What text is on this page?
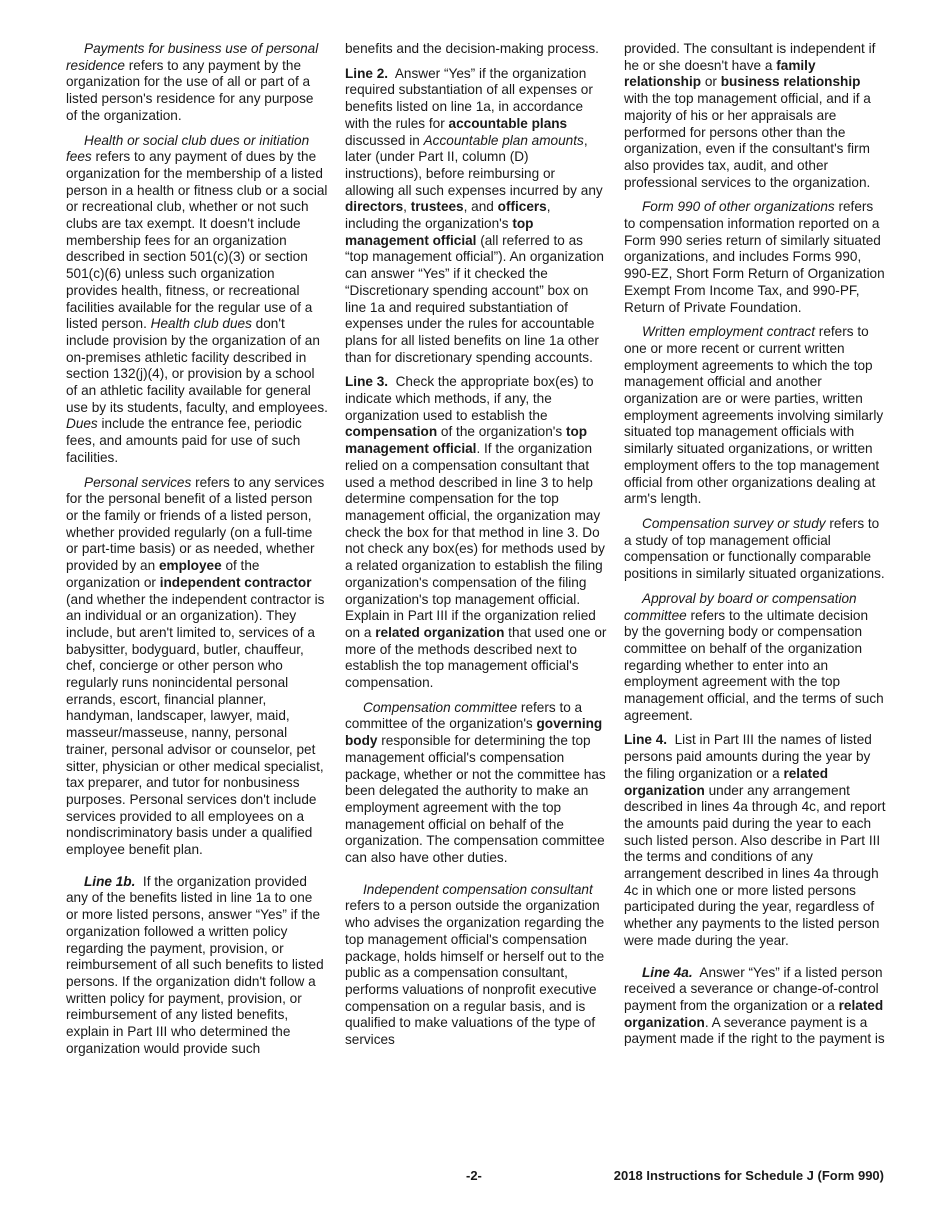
Payments for business use of personal residence refers to any payment by the organization for the use of all or part of a listed person's residence for any purpose of the organization.

Health or social club dues or initiation fees refers to any payment of dues by the organization for the membership of a listed person in a health or fitness club or a social or recreational club, whether or not such clubs are tax exempt. It doesn't include membership fees for an organization described in section 501(c)(3) or section 501(c)(6) unless such organization provides health, fitness, or recreational facilities available for the regular use of a listed person. Health club dues don't include provision by the organization of an on-premises athletic facility described in section 132(j)(4), or provision by a school of an athletic facility available for general use by its students, faculty, and employees. Dues include the entrance fee, periodic fees, and amounts paid for use of such facilities.

Personal services refers to any services for the personal benefit of a listed person or the family or friends of a listed person, whether provided regularly (on a full-time or part-time basis) or as needed, whether provided by an employee of the organization or independent contractor (and whether the independent contractor is an individual or an organization). They include, but aren't limited to, services of a babysitter, bodyguard, butler, chauffeur, chef, concierge or other person who regularly runs nonincidental personal errands, escort, financial planner, handyman, landscaper, lawyer, maid, masseur/masseuse, nanny, personal trainer, personal advisor or counselor, pet sitter, physician or other medical specialist, tax preparer, and tutor for nonbusiness purposes. Personal services don't include services provided to all employees on a nondiscriminatory basis under a qualified employee benefit plan.

Line 1b.  If the organization provided any of the benefits listed in line 1a to one or more listed persons, answer “Yes” if the organization followed a written policy regarding the payment, provision, or reimbursement of all such benefits to listed persons. If the organization didn't follow a written policy for payment, provision, or reimbursement of any listed benefits, explain in Part III who determined the organization would provide such

benefits and the decision-making process.

Line 2.  Answer “Yes” if the organization required substantiation of all expenses or benefits listed on line 1a, in accordance with the rules for accountable plans discussed in Accountable plan amounts, later (under Part II, column (D) instructions), before reimbursing or allowing all such expenses incurred by any directors, trustees, and officers, including the organization's top management official (all referred to as “top management official”). An organization can answer “Yes” if it checked the “Discretionary spending account” box on line 1a and required substantiation of expenses under the rules for accountable plans for all listed benefits on line 1a other than for discretionary spending accounts.

Line 3.  Check the appropriate box(es) to indicate which methods, if any, the organization used to establish the compensation of the organization's top management official. If the organization relied on a compensation consultant that used a method described in line 3 to help determine compensation for the top management official, the organization may check the box for that method in line 3. Do not check any box(es) for methods used by a related organization to establish the filing organization's compensation of the filing organization's top management official. Explain in Part III if the organization relied on a related organization that used one or more of the methods described next to establish the top management official's compensation.

Compensation committee refers to a committee of the organization's governing body responsible for determining the top management official's compensation package, whether or not the committee has been delegated the authority to make an employment agreement with the top management official on behalf of the organization. The compensation committee can also have other duties.

Independent compensation consultant refers to a person outside the organization who advises the organization regarding the top management official's compensation package, holds himself or herself out to the public as a compensation consultant, performs valuations of nonprofit executive compensation on a regular basis, and is qualified to make valuations of the type of services

provided. The consultant is independent if he or she doesn't have a family relationship or business relationship with the top management official, and if a majority of his or her appraisals are performed for persons other than the organization, even if the consultant's firm also provides tax, audit, and other professional services to the organization.

Form 990 of other organizations refers to compensation information reported on a Form 990 series return of similarly situated organizations, and includes Forms 990, 990-EZ, Short Form Return of Organization Exempt From Income Tax, and 990-PF, Return of Private Foundation.

Written employment contract refers to one or more recent or current written employment agreements to which the top management official and another organization are or were parties, written employment agreements involving similarly situated top management officials with similarly situated organizations, or written employment offers to the top management official from other organizations dealing at arm's length.

Compensation survey or study refers to a study of top management official compensation or functionally comparable positions in similarly situated organizations.

Approval by board or compensation committee refers to the ultimate decision by the governing body or compensation committee on behalf of the organization regarding whether to enter into an employment agreement with the top management official, and the terms of such agreement.

Line 4.  List in Part III the names of listed persons paid amounts during the year by the filing organization or a related organization under any arrangement described in lines 4a through 4c, and report the amounts paid during the year to each such listed person. Also describe in Part III the terms and conditions of any arrangement described in lines 4a through 4c in which one or more listed persons participated during the year, regardless of whether any payments to the listed person were made during the year.

Line 4a.  Answer “Yes” if a listed person received a severance or change-of-control payment from the organization or a related organization. A severance payment is a payment made if the right to the payment is

-2-	2018 Instructions for Schedule J (Form 990)
